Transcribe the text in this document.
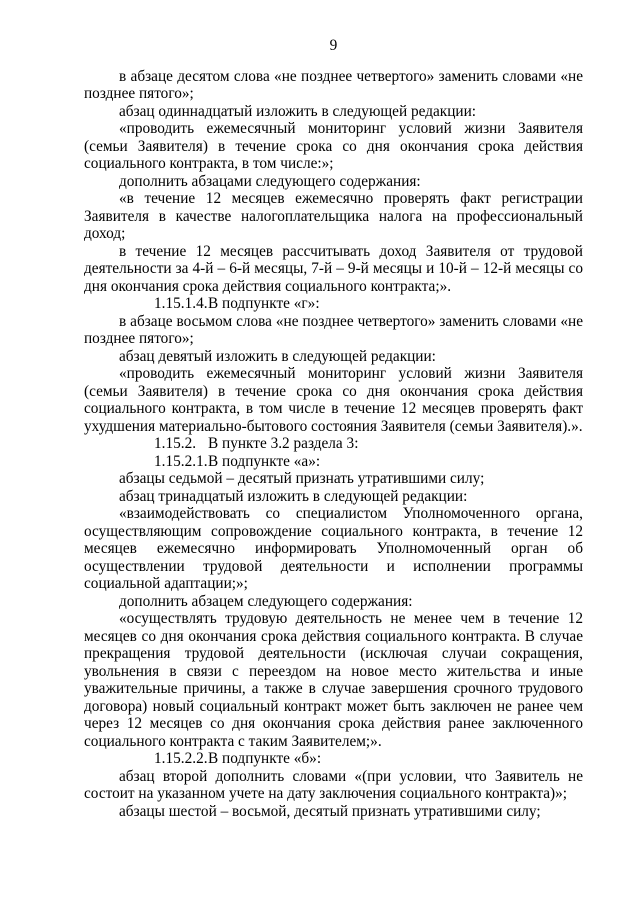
9

в абзаце десятом слова «не позднее четвертого» заменить словами «не позднее пятого»;

абзац одиннадцатый изложить в следующей редакции:

«проводить ежемесячный мониторинг условий жизни Заявителя (семьи Заявителя) в течение срока со дня окончания срока действия социального контракта, в том числе:»;

дополнить абзацами следующего содержания:

«в течение 12 месяцев ежемесячно проверять факт регистрации Заявителя в качестве налогоплательщика налога на профессиональный доход;

в течение 12 месяцев рассчитывать доход Заявителя от трудовой деятельности за 4-й – 6-й месяцы, 7-й – 9-й месяцы и 10-й – 12-й месяцы со дня окончания срока действия социального контракта;».

1.15.1.4.В подпункте «г»:

в абзаце восьмом слова «не позднее четвертого» заменить словами «не позднее пятого»;

абзац девятый изложить в следующей редакции:

«проводить ежемесячный мониторинг условий жизни Заявителя (семьи Заявителя) в течение срока со дня окончания срока действия социального контракта, в том числе в течение 12 месяцев проверять факт ухудшения материально-бытового состояния Заявителя (семьи Заявителя).».

1.15.2. В пункте 3.2 раздела 3:

1.15.2.1.В подпункте «а»:

абзацы седьмой – десятый признать утратившими силу;

абзац тринадцатый изложить в следующей редакции:

«взаимодействовать со специалистом Уполномоченного органа, осуществляющим сопровождение социального контракта, в течение 12 месяцев ежемесячно информировать Уполномоченный орган об осуществлении трудовой деятельности и исполнении программы социальной адаптации;»;

дополнить абзацем следующего содержания:

«осуществлять трудовую деятельность не менее чем в течение 12 месяцев со дня окончания срока действия социального контракта. В случае прекращения трудовой деятельности (исключая случаи сокращения, увольнения в связи с переездом на новое место жительства и иные уважительные причины, а также в случае завершения срочного трудового договора) новый социальный контракт может быть заключен не ранее чем через 12 месяцев со дня окончания срока действия ранее заключенного социального контракта с таким Заявителем;».

1.15.2.2.В подпункте «б»:

абзац второй дополнить словами «(при условии, что Заявитель не состоит на указанном учете на дату заключения социального контракта)»;

абзацы шестой – восьмой, десятый признать утратившими силу;
